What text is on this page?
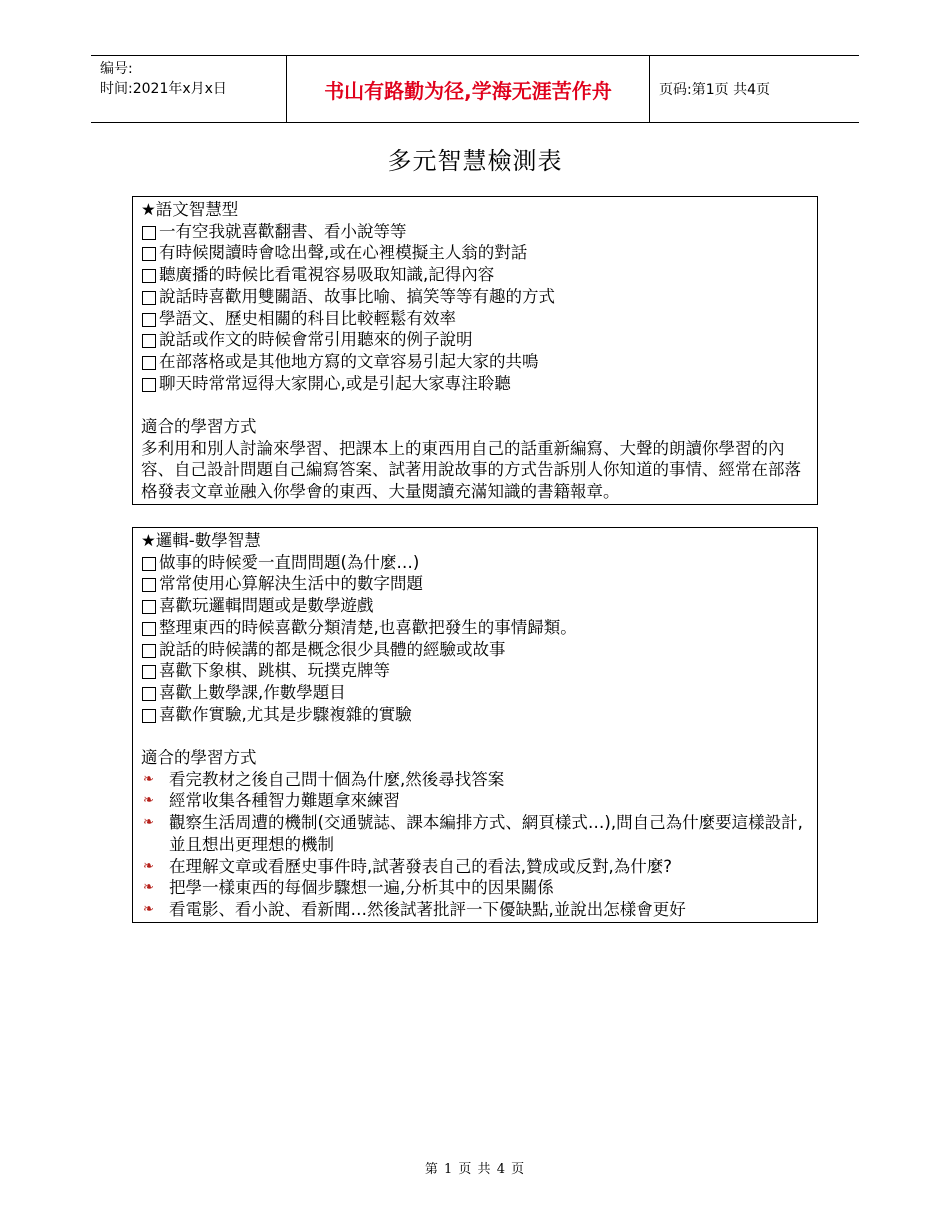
编号:
时间:2021年x月x日	书山有路勤为径,学海无涯苦作舟	页码:第1页 共4页
多元智慧檢測表
★語文智慧型
一有空我就喜歡翻書、看小說等等
有時候閱讀時會唸出聲,或在心裡模擬主人翁的對話
聽廣播的時候比看電視容易吸取知識,記得內容
說話時喜歡用雙關語、故事比喻、搞笑等等有趣的方式
學語文、歷史相關的科目比較輕鬆有效率
說話或作文的時候會常引用聽來的例子說明
在部落格或是其他地方寫的文章容易引起大家的共鳴
聊天時常常逗得大家開心,或是引起大家專注聆聽
適合的學習方式
多利用和別人討論來學習、把課本上的東西用自己的話重新編寫、大聲的朗讀你學習的內容、自己設計問題自己編寫答案、試著用說故事的方式告訴別人你知道的事情、經常在部落格發表文章並融入你學會的東西、大量閱讀充滿知識的書籍報章。
★邏輯-數學智慧
做事的時候愛一直問問題(為什麼…)
常常使用心算解決生活中的數字問題
喜歡玩邏輯問題或是數學遊戲
整理東西的時候喜歡分類清楚,也喜歡把發生的事情歸類。
說話的時候講的都是概念很少具體的經驗或故事
喜歡下象棋、跳棋、玩撲克牌等
喜歡上數學課,作數學題目
喜歡作實驗,尤其是步驟複雜的實驗
適合的學習方式
❧ 看完教材之後自己問十個為什麼,然後尋找答案
❧ 經常收集各種智力難題拿來練習
❧ 觀察生活周遭的機制(交通號誌、課本編排方式、網頁樣式…),問自己為什麼要這樣設計,並且想出更理想的機制
❧ 在理解文章或看歷史事件時,試著發表自己的看法,贊成或反對,為什麼?
❧ 把學一樣東西的每個步驟想一遍,分析其中的因果關係
❧ 看電影、看小說、看新聞…然後試著批評一下優缺點,並說出怎樣會更好
第 1 页 共 4 页
